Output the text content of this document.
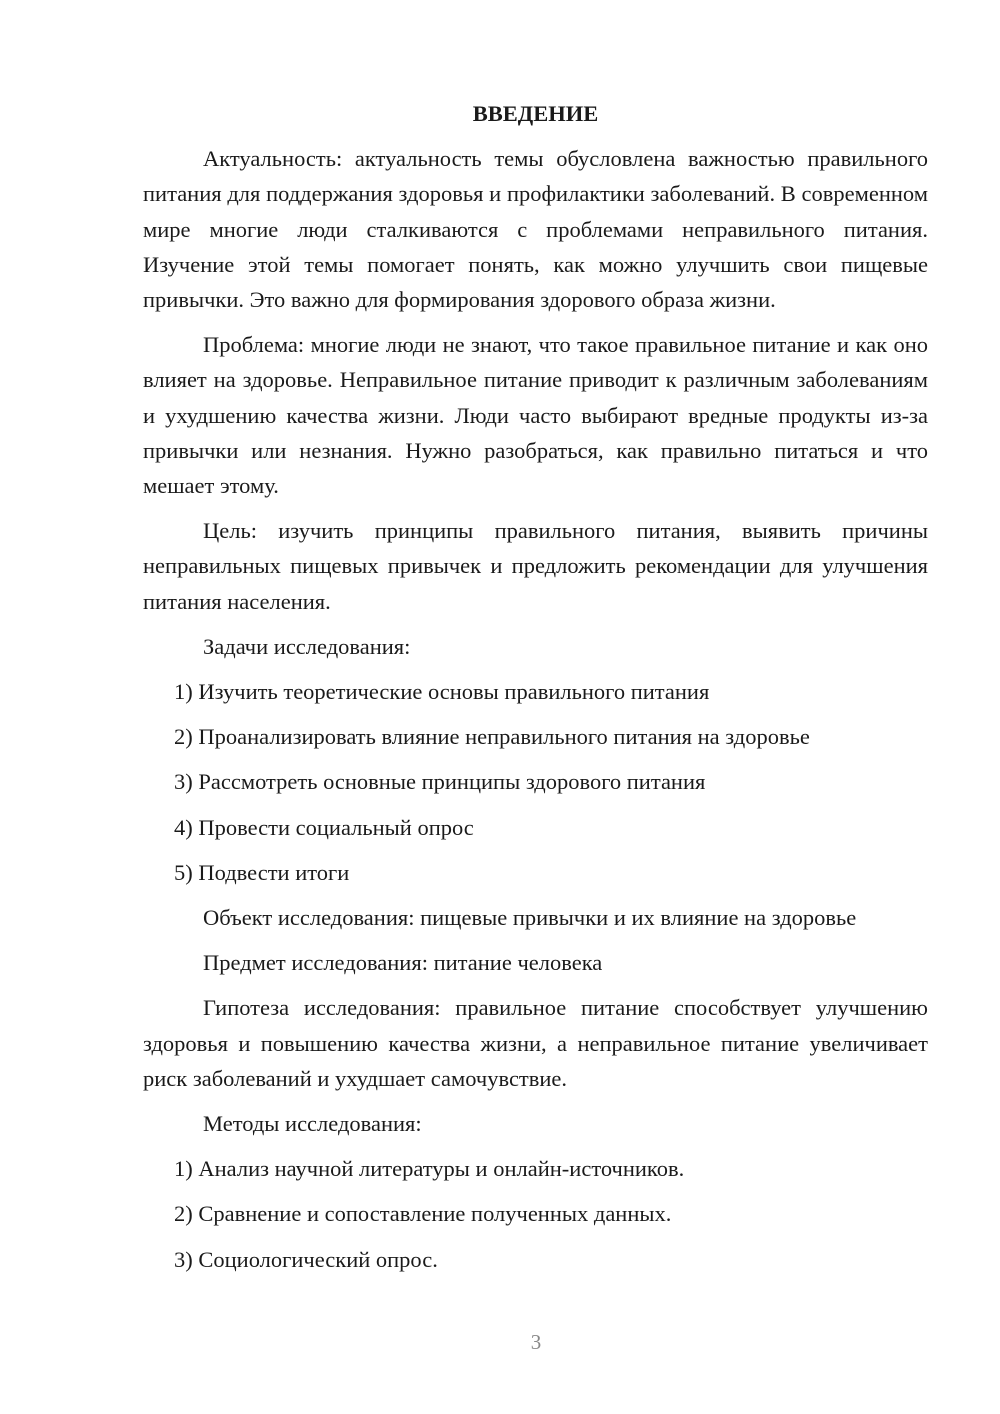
ВВЕДЕНИЕ

Актуальность: актуальность темы обусловлена важностью правильного питания для поддержания здоровья и профилактики заболеваний. В современном мире многие люди сталкиваются с проблемами неправильного питания. Изучение этой темы помогает понять, как можно улучшить свои пищевые привычки. Это важно для формирования здорового образа жизни.

Проблема: многие люди не знают, что такое правильное питание и как оно влияет на здоровье. Неправильное питание приводит к различным заболеваниям и ухудшению качества жизни. Люди часто выбирают вредные продукты из-за привычки или незнания. Нужно разобраться, как правильно питаться и что мешает этому.

Цель: изучить принципы правильного питания, выявить причины неправильных пищевых привычек и предложить рекомендации для улучшения питания населения.

Задачи исследования:
1) Изучить теоретические основы правильного питания
2) Проанализировать влияние неправильного питания на здоровье
3) Рассмотреть основные принципы здорового питания
4) Провести социальный опрос
5) Подвести итоги
Объект исследования: пищевые привычки и их влияние на здоровье
Предмет исследования: питание человека

Гипотеза исследования: правильное питание способствует улучшению здоровья и повышению качества жизни, а неправильное питание увеличивает риск заболеваний и ухудшает самочувствие.

Методы исследования:
1) Анализ научной литературы и онлайн-источников.
2) Сравнение и сопоставление полученных данных.
3) Социологический опрос.
3
